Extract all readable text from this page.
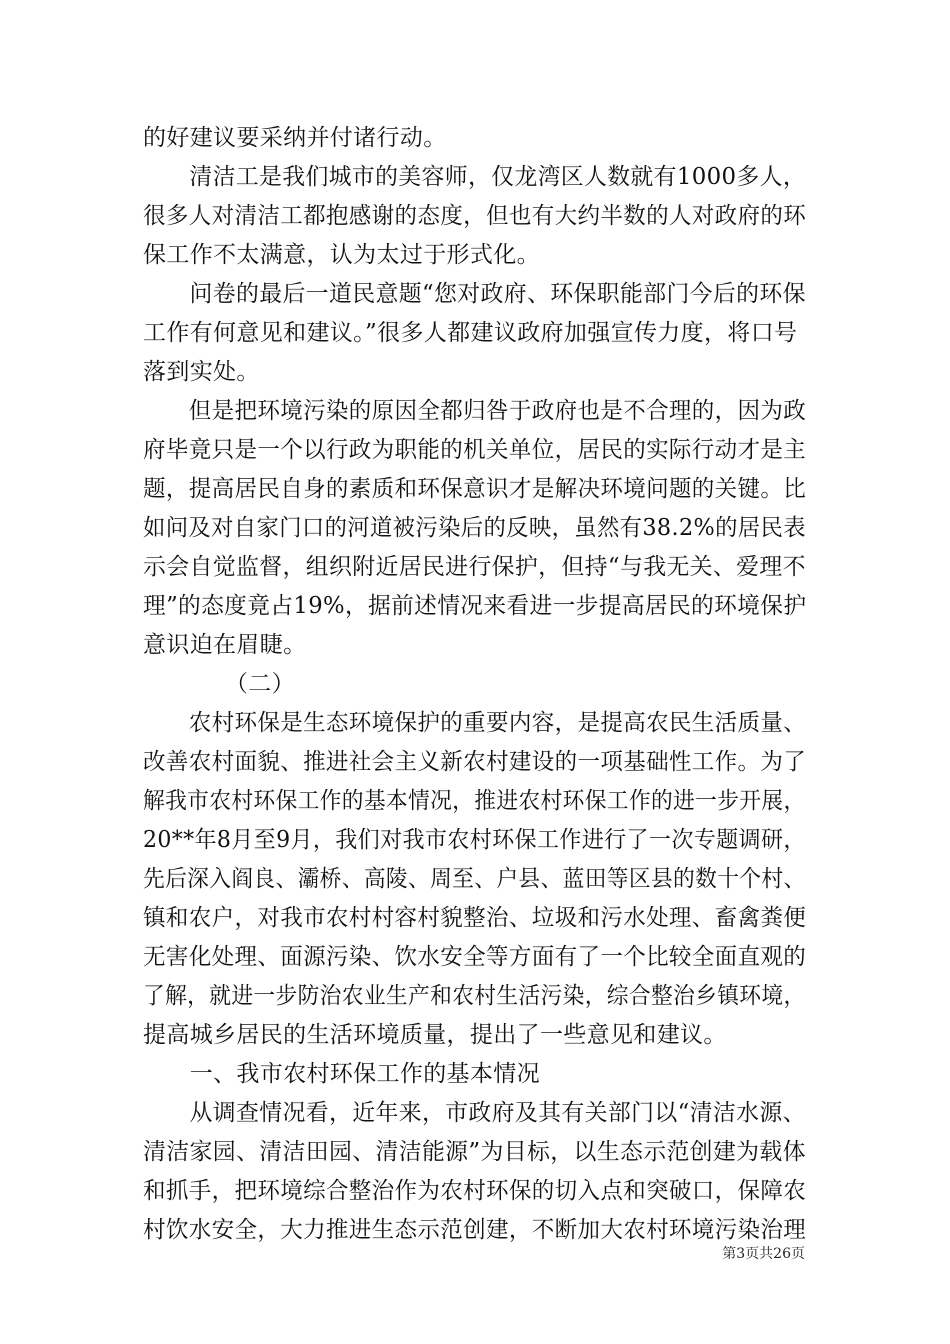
的好建议要采纳并付诸行动。
　　清洁工是我们城市的美容师，仅龙湾区人数就有1000多人，
很多人对清洁工都抱感谢的态度，但也有大约半数的人对政府的环
保工作不太满意，认为太过于形式化。
　　问卷的最后一道民意题“您对政府、环保职能部门今后的环保
工作有何意见和建议。”很多人都建议政府加强宣传力度，将口号
落到实处。
　　但是把环境污染的原因全都归咎于政府也是不合理的，因为政
府毕竟只是一个以行政为职能的机关单位，居民的实际行动才是主
题，提高居民自身的素质和环保意识才是解决环境问题的关键。比
如问及对自家门口的河道被污染后的反映，虽然有38.2%的居民表
示会自觉监督，组织附近居民进行保护，但持“与我无关、爱理不
理”的态度竟占19%，据前述情况来看进一步提高居民的环境保护
意识迫在眉睫。
　　　　（二）
　　农村环保是生态环境保护的重要内容，是提高农民生活质量、
改善农村面貌、推进社会主义新农村建设的一项基础性工作。为了
解我市农村环保工作的基本情况，推进农村环保工作的进一步开展，
20**年8月至9月，我们对我市农村环保工作进行了一次专题调研，
先后深入阎良、灞桥、高陵、周至、户县、蓝田等区县的数十个村、
镇和农户，对我市农村村容村貌整治、垃圾和污水处理、畜禽粪便
无害化处理、面源污染、饮水安全等方面有了一个比较全面直观的
了解，就进一步防治农业生产和农村生活污染，综合整治乡镇环境，
提高城乡居民的生活环境质量，提出了一些意见和建议。
　　一、我市农村环保工作的基本情况
　　从调查情况看，近年来，市政府及其有关部门以“清洁水源、
清洁家园、清洁田园、清洁能源”为目标，以生态示范创建为载体
和抓手，把环境综合整治作为农村环保的切入点和突破口，保障农
村饮水安全，大力推进生态示范创建，不断加大农村环境污染治理
第3页共26页
